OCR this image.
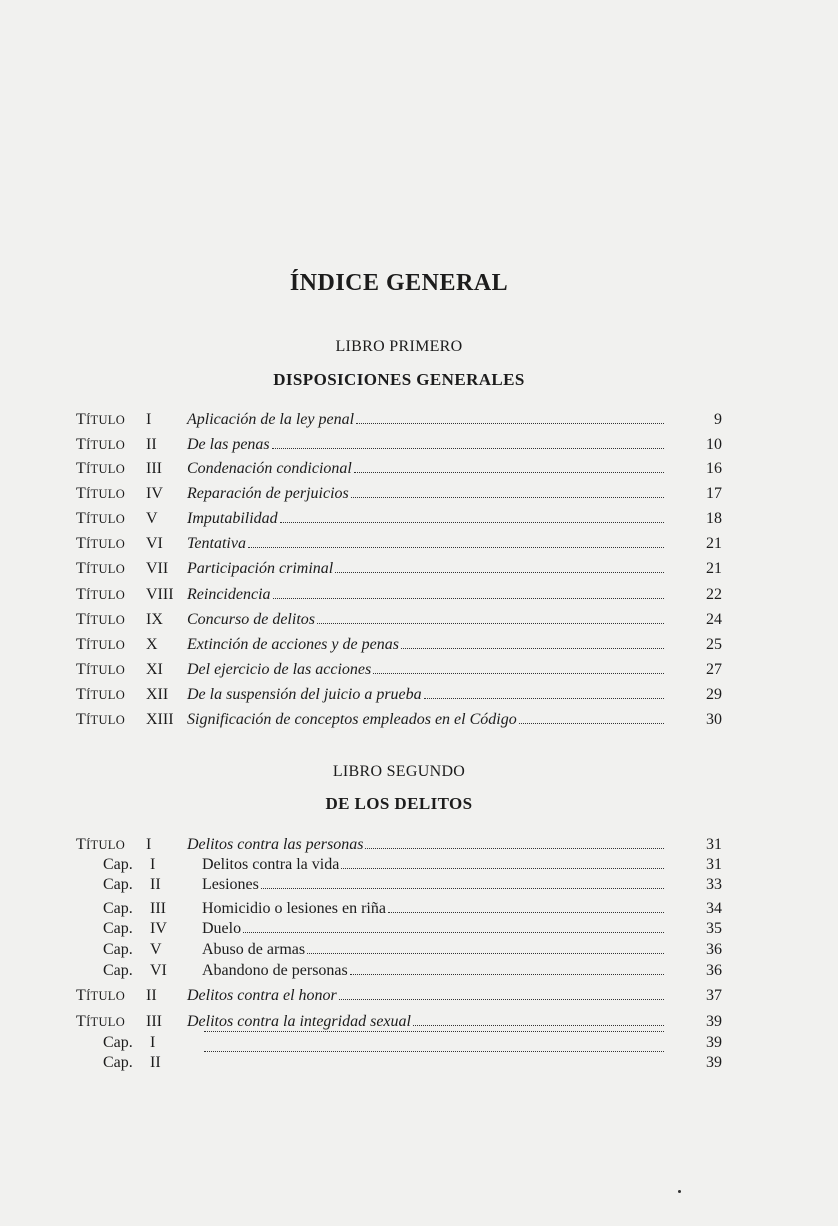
ÍNDICE GENERAL
LIBRO PRIMERO
DISPOSICIONES GENERALES
LIBRO SEGUNDO
DE LOS DELITOS
TÍTULO I Aplicación de la ley penal	9
TÍTULO II De las penas	10
TÍTULO III Condenación condicional	16
TÍTULO IV Reparación de perjuicios	17
TÍTULO V Imputabilidad	18
TÍTULO VI Tentativa	21
TÍTULO VII Participación criminal	21
TÍTULO VIII Reincidencia	22
TÍTULO IX Concurso de delitos	24
TÍTULO X Extinción de acciones y de penas	25
TÍTULO XI Del ejercicio de las acciones	27
TÍTULO XII De la suspensión del juicio a prueba	29
TÍTULO XIII Significación de conceptos empleados en el Código	30
TÍTULO I Delitos contra las personas	31
Cap. I	Delitos contra la vida	31
Cap. II	Lesiones	33
Cap. III Homicidio o lesiones en riña	34
Cap. IV Duelo	35
Cap. V	Abuso de armas	36
Cap. VI Abandono de personas	36
TÍTULO II Delitos contra el honor	37
TÍTULO III Delitos contra la integridad sexual	39
Cap. I	39
Cap. II	39
